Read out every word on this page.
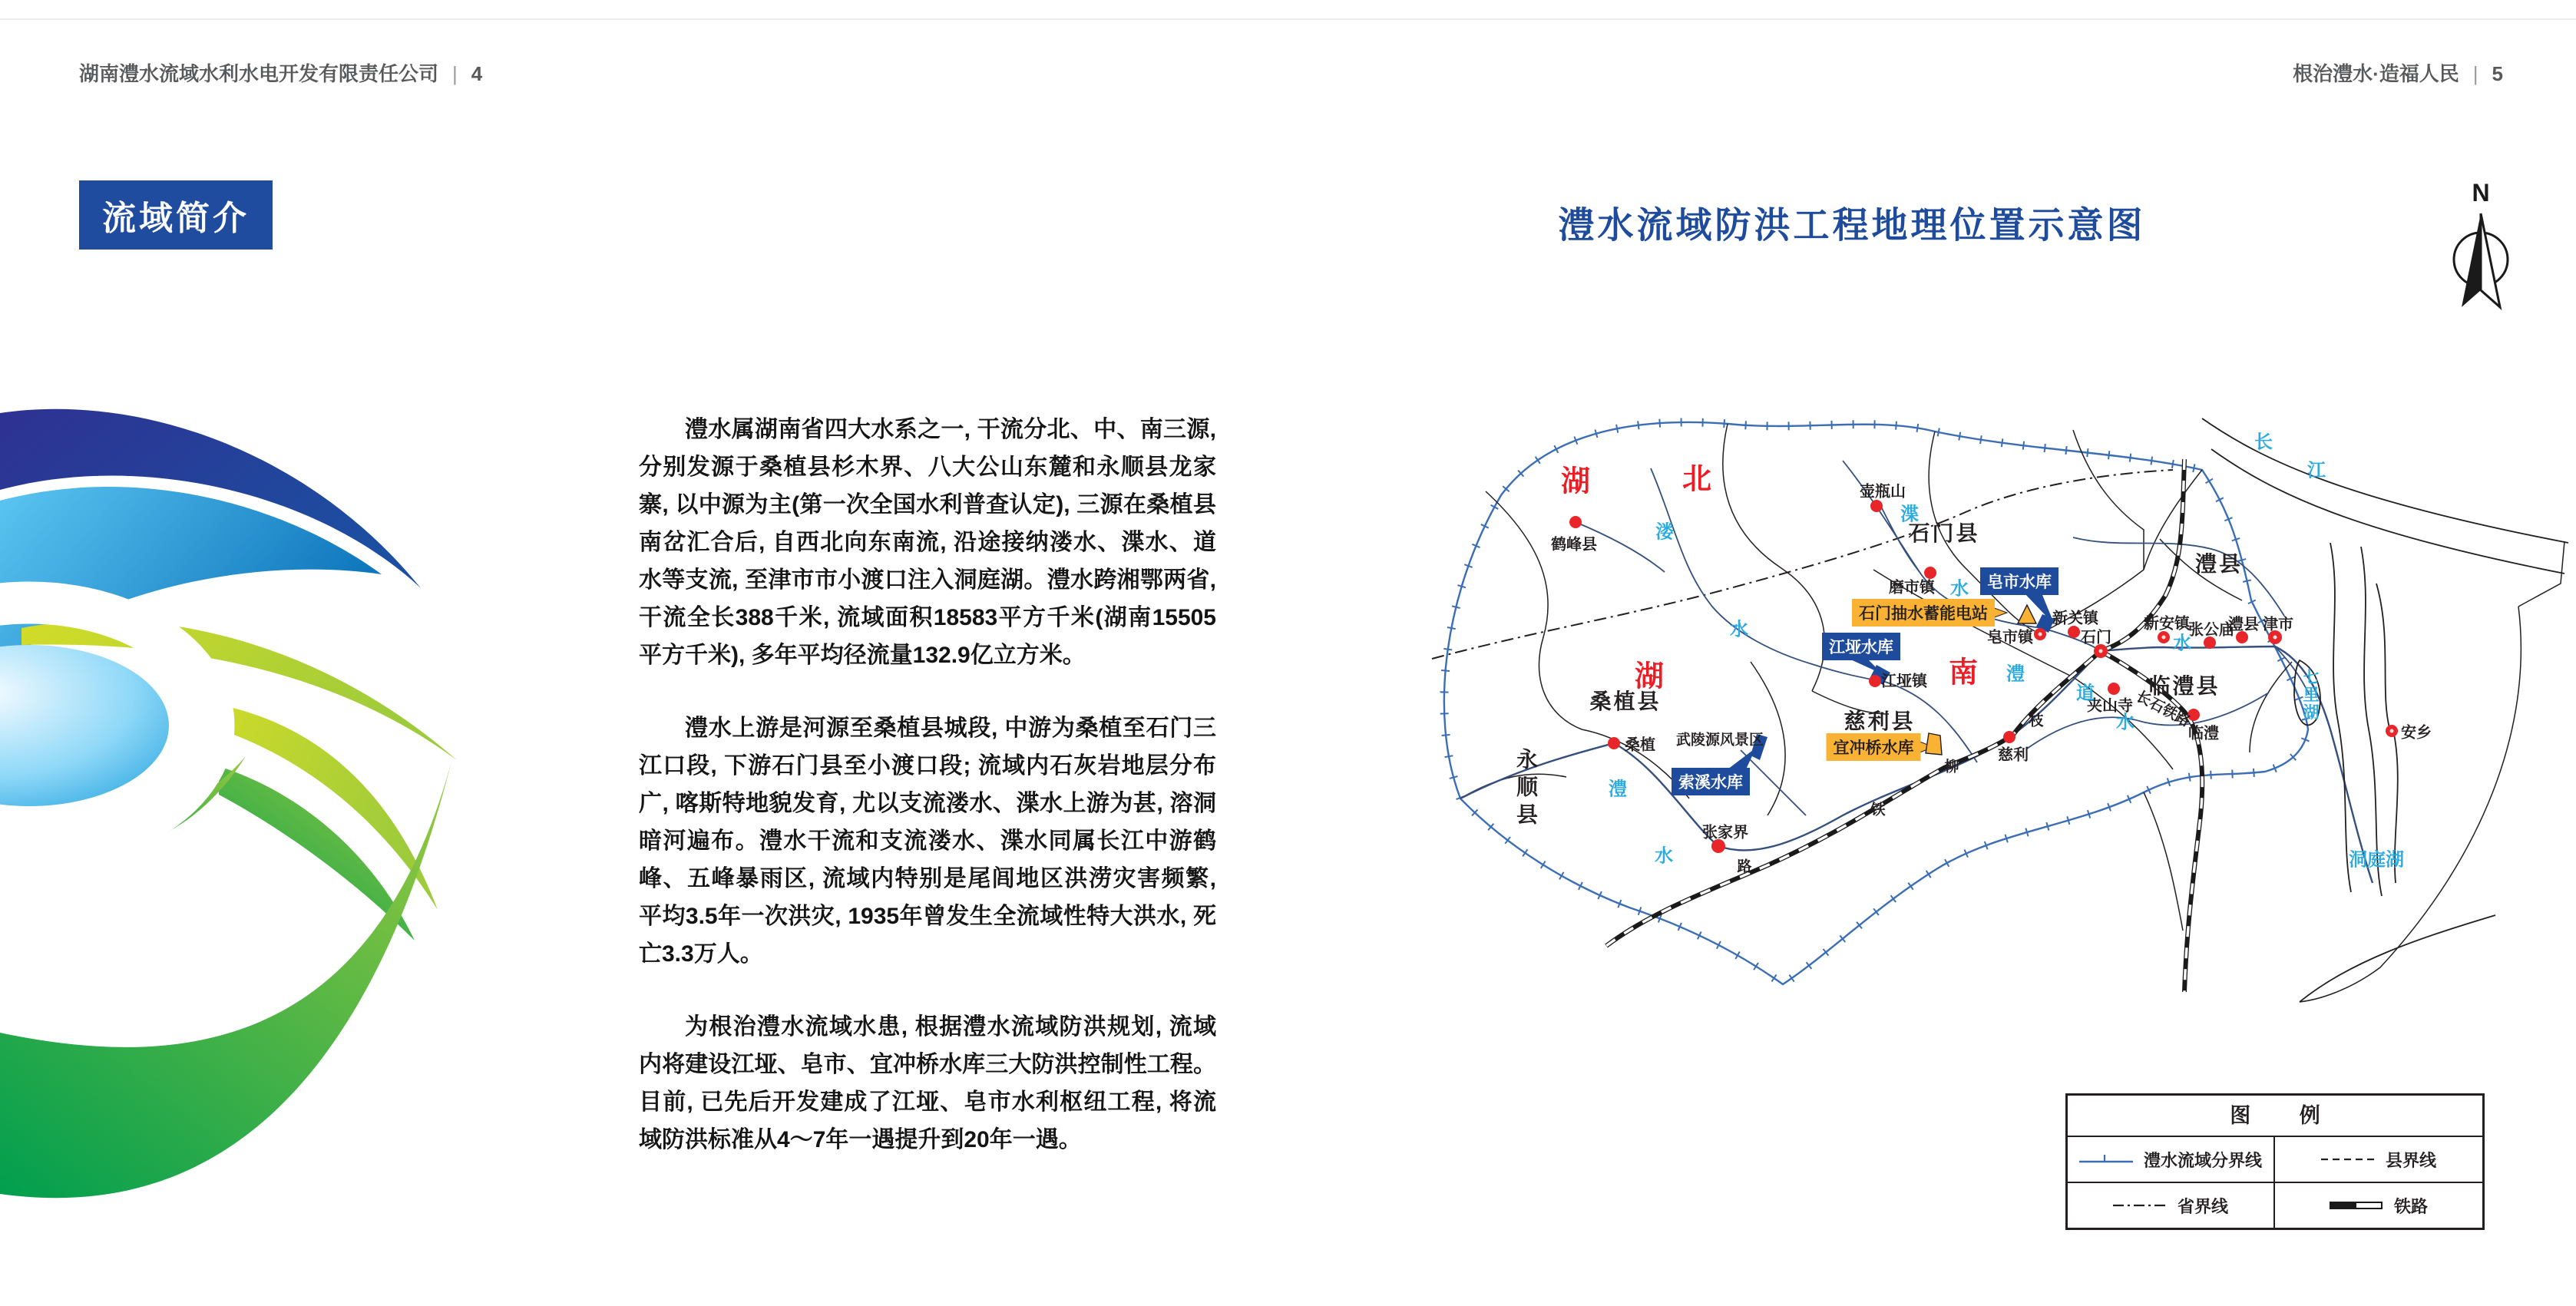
湖南澧水流域水利水电开发有限责任公司 | 4	根治澧水·造福人民 | 5
流域简介

澧水属湖南省四大水系之一, 干流分北、中、南三源, 分别发源于桑植县杉木界、八大公山东麓和永顺县龙家寨, 以中源为主(第一次全国水利普查认定), 三源在桑植县南岔汇合后, 自西北向东南流, 沿途接纳溇水、渫水、道水等支流, 至津市市小渡口注入洞庭湖。澧水跨湘鄂两省, 干流全长388千米, 流域面积18583平方千米(湖南15505平方千米), 多年平均径流量132.9亿立方米。

澧水上游是河源至桑植县城段, 中游为桑植至石门三江口段, 下游石门县至小渡口段; 流域内石灰岩地层分布广, 喀斯特地貌发育, 尤以支流溇水、渫水上游为甚, 溶洞暗河遍布。澧水干流和支流溇水、渫水同属长江中游鹤峰、五峰暴雨区, 流域内特别是尾闾地区洪涝灾害频繁, 平均3.5年一次洪灾, 1935年曾发生全流域性特大洪水, 死亡3.3万人。

为根治澧水流域水患, 根据澧水流域防洪规划, 流域内将建设江垭、皂市、宜冲桥水库三大防洪控制性工程。目前, 已先后开发建成了江垭、皂市水利枢纽工程, 将流域防洪标准从4～7年一遇提升到20年一遇。

澧水流域防洪工程地理位置示意图
N
湖	北
湖	南
石门县
澧县
临澧县
慈利县
桑植县
永顺县
鹤峰县
壶瓶山
磨市镇
皂市镇
新关镇
石门
新安镇
张公庙
澧县 津市
临澧
夹山寺
慈利
桑植
张家界
江垭镇
安乡
溇
水
渫
水
澧
水
澧
水
道
水
长
江
七里湖
洞庭湖
皂市水库
江垭水库
索溪水库
石门抽水蓄能电站
宜冲桥水库
武陵源风景区
枝
柳
铁
路
长石铁路
图 例
澧水流域分界线	县界线
省界线	铁路
